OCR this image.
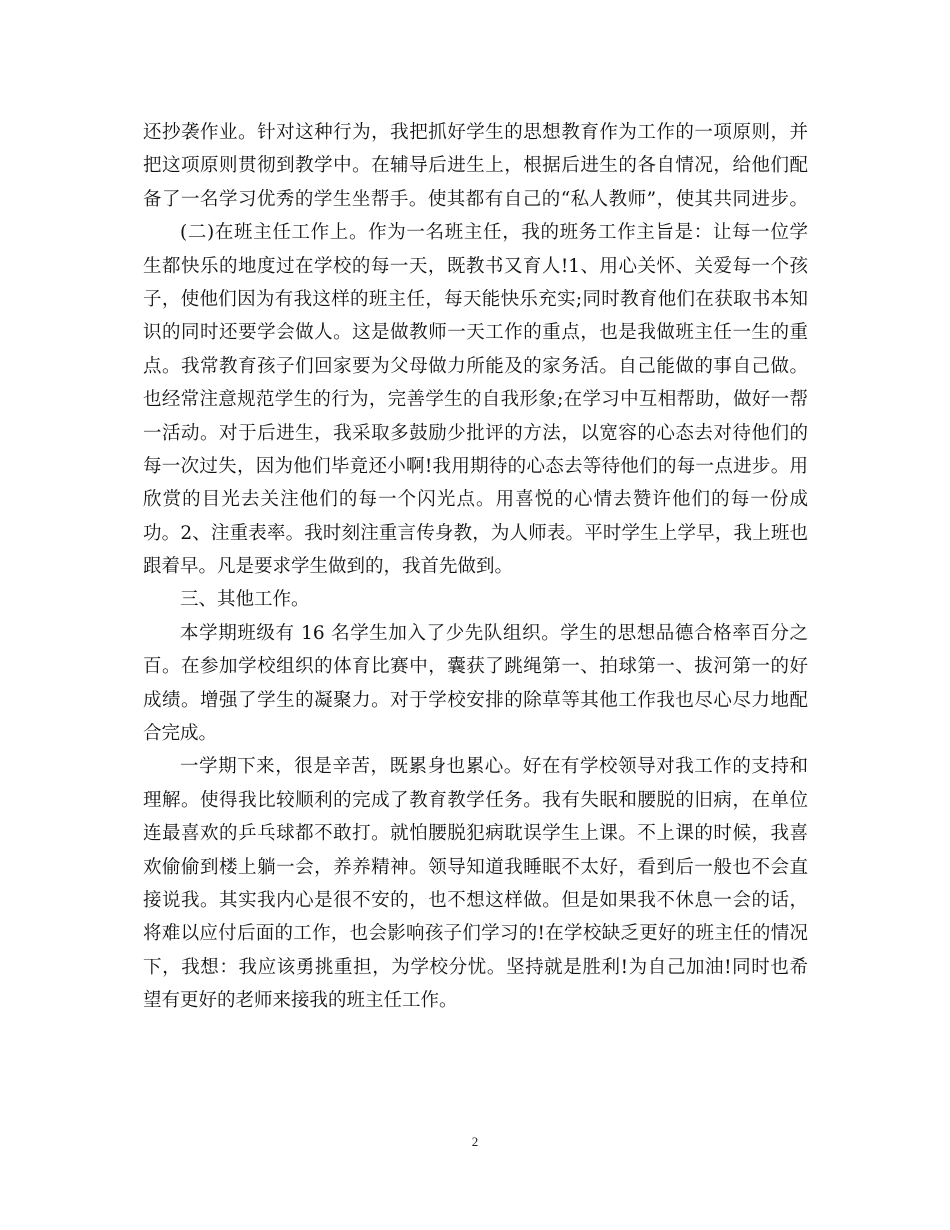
还抄袭作业。针对这种行为，我把抓好学生的思想教育作为工作的一项原则，并
把这项原则贯彻到教学中。在辅导后进生上，根据后进生的各自情况，给他们配
备了一名学习优秀的学生坐帮手。使其都有自己的“私人教师”，使其共同进步。
(二)在班主任工作上。作为一名班主任，我的班务工作主旨是：让每一位学
生都快乐的地度过在学校的每一天，既教书又育人!1、用心关怀、关爱每一个孩
子，使他们因为有我这样的班主任，每天能快乐充实;同时教育他们在获取书本知
识的同时还要学会做人。这是做教师一天工作的重点，也是我做班主任一生的重
点。我常教育孩子们回家要为父母做力所能及的家务活。自己能做的事自己做。
也经常注意规范学生的行为，完善学生的自我形象;在学习中互相帮助，做好一帮
一活动。对于后进生，我采取多鼓励少批评的方法，以宽容的心态去对待他们的
每一次过失，因为他们毕竟还小啊!我用期待的心态去等待他们的每一点进步。用
欣赏的目光去关注他们的每一个闪光点。用喜悦的心情去赞许他们的每一份成
功。2、注重表率。我时刻注重言传身教，为人师表。平时学生上学早，我上班也
跟着早。凡是要求学生做到的，我首先做到。
三、其他工作。
本学期班级有 16 名学生加入了少先队组织。学生的思想品德合格率百分之
百。在参加学校组织的体育比赛中，囊获了跳绳第一、拍球第一、拔河第一的好
成绩。增强了学生的凝聚力。对于学校安排的除草等其他工作我也尽心尽力地配
合完成。
一学期下来，很是辛苦，既累身也累心。好在有学校领导对我工作的支持和
理解。使得我比较顺利的完成了教育教学任务。我有失眠和腰脱的旧病，在单位
连最喜欢的乒乓球都不敢打。就怕腰脱犯病耽误学生上课。不上课的时候，我喜
欢偷偷到楼上躺一会，养养精神。领导知道我睡眠不太好，看到后一般也不会直
接说我。其实我内心是很不安的，也不想这样做。但是如果我不休息一会的话，
将难以应付后面的工作，也会影响孩子们学习的!在学校缺乏更好的班主任的情况
下，我想：我应该勇挑重担，为学校分忧。坚持就是胜利!为自己加油!同时也希
望有更好的老师来接我的班主任工作。
2
